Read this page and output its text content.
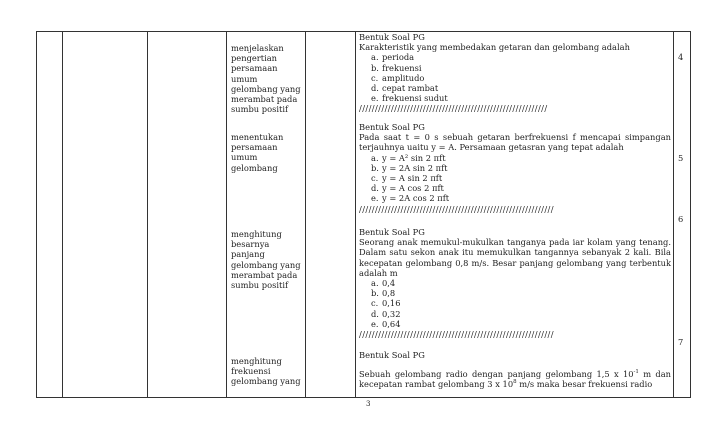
menjelaskan
pengertian
persamaan
umum
gelombang yang
merambat pada
sumbu positif
menentukan
persamaan
umum
gelombang
menghitung
besarnya
panjang
gelombang yang
merambat pada
sumbu positif
menghitung
frekuensi
gelombang yang

Bentuk Soal PG

Karakteristik yang membedakan getaran dan gelombang adalah

a. perioda
b. frekuensi
c. amplitudo
d. cepat rambat
e. frekuensi sudut
///////////////////////////////////////////////////////////
4

Bentuk Soal PG

Pada saat t = 0 s sebuah getaran berfrekuensi f mencapai simpangan terjauhnya uaitu y = A. Persamaan getasran yang tepat adalah

a. y = A² sin 2 πft
b. y = 2A sin 2 πft
c. y = A sin 2 πft
d. y = A cos 2 πft
e. y = 2A cos 2 πft
/////////////////////////////////////////////////////////////
5

Bentuk Soal PG

Seorang anak memukul-mukulkan tanganya pada iar kolam yang tenang. Dalam satu sekon anak itu memukulkan tangannya sebanyak 2 kali. Bila kecepatan gelombang 0,8 m/s. Besar panjang gelombang yang terbentuk adalah m

a. 0,4
b. 0,8
c. 0,16
d. 0,32
e. 0,64
/////////////////////////////////////////////////////////////
6

Bentuk Soal PG

Sebuah gelombang radio dengan panjang gelombang 1,5 x $10^{-1}$ m dan kecepatan rambat gelombang 3 x $10^8$ m/s maka besar frekuensi radio

7
3
